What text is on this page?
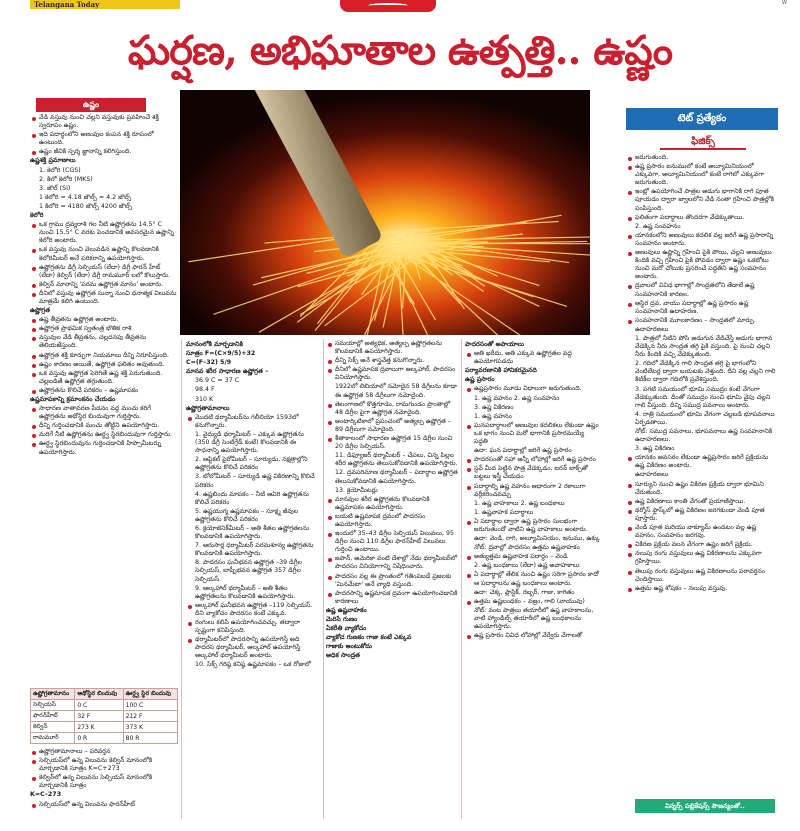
Telangana Today	W
ఘర్షణ, అభిఘాతాల ఉత్పత్తి.. ఉష్ణం
ఉష్ణం

వేడి వస్తువు నుంచి చల్లని వస్తువుకు ప్రవహించే శక్తి స్వరూపం ఉష్ణం.

ఇది పదార్థంలోని అణువుల కంపన శక్తి రూపంలో ఉంటుంది.

ఉష్ణం జీవికి స్పర్శ జ్ఞానాన్ని కలిగిస్తుంది.

ఉష్ణశక్తి ప్రమాణాలు

1. కెలోరి (CGS)

2. కిలో కెలోరి (MKS)

3. జౌల్ (SI)

1 కెలోరి = 4.18 జౌల్స్ ≈ 4.2 జౌల్స్

1 కిలోరి = 4180 జౌల్స్ 4200 జౌల్స్

కెలోరి

ఒక గ్రాము ద్రవ్యరాశి గల నీటి ఉష్ణోగ్రతను 14.5° C నుంచి 15.5° C వరకు పెంచడానికి అవసరమైన ఉష్ణాన్ని కెలోరి అంటారు.

ఒక వస్తువు నుంచి వెలువడిన ఉష్ణాన్ని కొలవడానికి కెలోరిమీటర్ అనే పరికరాన్ని ఉపయోగిస్తారు.

ఉష్ణోగ్రతను డిగ్రీ సెల్సియస్ (లేదా) డిగ్రీ ఫారన్ హీట్ (లేదా) కెల్విన్ (లేదా) డిగ్రీ రామమూర్ లలో కొలుస్తారు.

కెల్విన్ మానాన్ని 'పరమ ఉష్ణోగ్రత మానం' అంటారు.

దీనిలో వస్తువు ఉష్ణోగ్రత సున్నా నుంచి ధనాత్మక విలువను మాత్రమే కలిగి ఉంటుంది.

ఉష్ణోగ్రత

ఉష్ణ తీవ్రతను ఉష్ణోగ్రత అంటారు.

ఉష్ణోగ్రత ప్రాథమిక స్వతంత్ర భౌతిక రాశి

వస్తువుల వేడి తీవ్రతను, చల్లదనపు తీవ్రతను తెలియజేస్తుంది.

ఉష్ణోగ్రత శక్తి కూర్పుగా నియమాలు దీన్ని నిరూపిస్తుంది.

ఉష్ణం కారణం అయితే, ఉష్ణోగ్రత ఫలితం అవుతుంది.

ఒక వస్తువు ఉష్ణోగ్రత పెరిగితే ఉష్ణ శక్తి పెరుగుతుంది. చల్లబడితే ఉష్ణోగ్రత తగ్గుతుంది.

ఉష్ణోగ్రతను కొలిచే పరికరం – ఉష్ణమాపకం

ఉష్ణమాపకాన్ని క్రమాంకనం చేయడం

సాధారణ వాతావరణ పీడనం వద్ద మంచు కరిగే ఉష్ణోగ్రతను అథోస్థిర బిందువుగా గుర్తిస్తారు.

దీన్ని గుర్తించడానికి మంచు తోట్టిని ఉపయోగిస్తారు.

మరిగే నీటి ఉష్ణోగ్రతను ఊర్ధ్వ స్థిరబిందువుగా గుర్తిస్తారు.

ఊర్ధ్వ స్థిరబిందువును గుర్తించడానికి హిప్సామీటర్ను ఉపయోగిస్తారు.

ఉష్ణోగ్రతామానం	అథోస్థిర బిందువు	ఊర్ధ్వ స్థిర బిందువు
సెల్సియస్	0 C	100 C
ఫారన్‌హీట్	32 F	212 F
కెల్విన్	273 K	373 K
రామమూర్	0 R	80 R

ఉష్ణోగ్రతామానాలు – పరివర్తన

సెల్సియస్‌లో ఉన్న విలువను కెల్విన్ మానంలోకి మార్చడానికి సూత్రం K=C+273

కెల్విన్‌లో ఉన్న విలువను సెల్సియస్ మానంలోకి మార్చడానికి సూత్రం

K=C–273

సెల్సియస్‌లో ఉన్న విలువను ఫారన్‌హీట్

మానంలోకి మార్చడానికి

సూత్రం F=(C×9/5)+32

C=(F–32) 5/9

మానవ శరీర సాధారణ ఉష్ణోగ్రత –

36.9 C = 37 C

98.4 F

310 K

ఉష్ణోగ్రతామానాలు

మొదటి థర్మామీటర్‌ను గెలీలియో 1593లో కనుగొన్నారు.

1. వైద్యుడి థర్మామీటర్ – ఎక్కువ ఉష్ణోగ్రతను (350 డిగ్రీ సెంటిగ్రేడ్ కంటే) కొలవడానికి ఈ సాధనాన్ని ఉపయోగిస్తారు.

2. ఆప్టికల్ పైరోమీటర్ – సూర్యుడు, నక్షత్రాల్లోని ఉష్ణోగ్రతను కొలిచే పరికరం

3. బోలోమీటర్ – సూర్యుడి ఉష్ణ వికిరణాన్ని కొలిచే పరికరం

4. ఉష్ణబిందు మాపకం – నీటి ఆవిరి ఉష్ణోగ్రతను కొలిచే పరికరం

5. ఉష్ణయుగ్మ ఉష్ణమాపకం – సూక్ష్మ జీవుల ఉష్ణోగ్రతను కొలిచే పరికరం

6. క్రయోజెనిక్‌మీటర్ – అతి శీతల ఉష్ణోగ్రతలను కొలవడానికి ఉపయోగిస్తారు.

7. ఆరుసార్ల ధర్మామీటర్ పరమశూన్య ఉష్ణోగ్రతను కొలవడానికి ఉపయోగిస్తారు.

8. పాదరసం ఘనీభవన ఉష్ణోగ్రత –39 డిగ్రీల సెల్సియస్, బాష్పీభవన ఉష్ణోగ్రత 357 డిగ్రీల సెల్సియస్.

9. ఆల్కహాల్ థర్మామీటర్ – అతి శీతల ఉష్ణోగ్రతలను కొలవడానికి ఉపయోగిస్తారు.

ఆల్కహాల్ ఘనీభవన ఉష్ణోగ్రత –119 సెల్సియస్. దీని వ్యాకోచం పాదరసం కంటే ఎక్కువ.

రంగులు కలిపి ఉపయోగించవచ్చు. తద్వారా స్పష్టంగా కనిపిస్తుంది.

థర్మామీటర్‌లో పాదరసాన్ని ఉపయోగిస్తే అది పాదరస థర్మామీటర్, ఆల్కహాల్ ఉపయోగిస్తే ఆల్కహాల్ థర్మామీటర్ అంటారు.

10. సిక్స్ గరిష్ఠ కనిష్ఠ ఉష్ణమాపకం – ఒక రోజులో

సమయాల్లో అత్యధిక, అత్యల్ప ఉష్ణోగ్రతలను కొలవడానికి ఉపయోగిస్తారు.

దీన్ని సిక్స్ అనే శాస్త్రవేత్త కనుగొన్నారు.

దీనిలో ఉష్ణమాపక ద్రవాలుగా ఆల్కహాల్, పాదరసం వినియోగిస్తారు.

1922లో లిబియాలో నమోదైన 58 డిగ్రీలను కూడా ఈ ఉష్ణోగ్రత 58 డిగ్రీలుగా నమోదైంది.

తెలంగాణలో కొత్తగూడెం, రామగుండం ప్రాంతాల్లో 48 డిగ్రీల పైగా ఉష్ణోగ్రత నమోదైంది.

అంటార్కిటికాలో ప్రపంచంలో అత్యల్ప ఉష్ణోగ్రత –89 డిగ్రీలుగా నమోదైంది.

శీతాకాలంలో సాధారణ ఉష్ణోగ్రత 15 డిగ్రీల నుంచి 20 డిగ్రీల సెల్సియస్.

11. డిఫ్యూజర్ థర్మామీటర్ – చేపలు, చిన్న పిల్లల శరీర ఉష్ణోగ్రతను తెలుసుకోవడానికి ఉపయోగిస్తారు.

12. ద్రవపరిమాణ థర్మామీటర్ – పదార్థాల ఉష్ణోగ్రత తెలుసుకోవడానికి ఉపయోగిస్తారు.

13. క్రయోమీటర్లు

మానవుల శరీర ఉష్ణోగ్రతను కొలవడానికి ఉష్ణమాపకం ఉపయోగిస్తారు.

బయటి ఉష్ణమాపక ద్రవంలో పాదరసం ఉపయోగిస్తారు.

ఇందులో 35–43 డిగ్రీల సెల్సియస్ విలువలు, 95 డిగ్రీల నుంచి 110 డిగ్రీల ఫారన్‌హీట్ విలువలు గుర్తించి ఉంటాయి.

జపాన్, అమెరికా వంటి దేశాల్లో నేడు థర్మామీటర్‌లో పాదరసం వినియోగాన్ని నిషేధించారు.

పాదరసం వల్ల ఈ ప్రాంతంలో గతింపబడే ప్రజలకు 'మినమేటా' అనే వ్యాధి వస్తుంది.

పాదరసాన్ని ఉష్ణమాపక ద్రవంగా ఉపయోగించడానికి కారణాలు

ఉష్ణ ఉష్ణవాహకం

మెరిసే గుణం

ఏకరీతి వ్యాకోచం

వ్యాకోచ గుణకం గాజు కంటే ఎక్కువ

గాజుకు అంటుకోదు

అధిక సాంద్రత

పాదరసంతో అపాయాలు

అతి ఖరీదు, అతి ఎక్కువ ఉష్ణోగ్రతల వద్ద ఉపయోగపడదు

పర్యావరణానికి హానికరమైనది

ఉష్ణ ప్రసారం

ఉష్ణప్రసారం మూడు విధాలుగా జరుగుతుంది.

1. ఉష్ణ వహనం 2. ఉష్ణ సంవహనం

3. ఉష్ణ వికిరణం

1. ఉష్ణ వహనం

ఘనపదార్థాలలో అణువుల కదలికలు లేకుండా ఉష్ణం ఒక భాగం నుంచి మరో భాగానికి ప్రసారమయ్యే పద్ధతి

ఉదా: ఘన పదార్థాల్లో జరిగే ఉష్ణ ప్రసారం

పాదరసంతో సహా అన్నీ లోహాల్లో జరిగే ఉష్ణ ప్రసారం

స్టవ్ మీద పెట్టిన పాత్ర వేడెక్కడం, ఐరన్ బాక్స్‌తో బట్టలు ఇస్త్రీ చేయడం

పదార్థాల్ని ఉష్ణ వహనం ఆధారంగా 2 రకాలుగా వర్గీకరించవచ్చు

1. ఉష్ణ వాహకాలు 2. ఉష్ణ బంధకాలు

1. ఉష్ణవాహక పదార్థాలు

ఏ పదార్థాల ద్వారా ఉష్ణ ప్రసారం సులభంగా జరుగుతుందో వాటిని ఉష్ణ వాహకాలు అంటారు.

ఉదా: వెండి, రాగి, అల్యూమినియం, ఇనుము, ఉక్కు

నోట్: ద్రవాల్లో పాదరసం ఉత్తమ ఉష్ణవాహకం

అత్యుత్తమ ఉష్ణవాహక పదార్థం – వెండి

2. ఉష్ణ బంధకాలు (లేదా) ఉష్ణ అవాహకాలు

ఏ పదార్థాల్లో తేలిక నుంచి ఉష్ణం సరిగా ప్రసారం కాదో ఆ పదార్థాలను ఉష్ణ బంధకాలు అంటారు.

ఉదా: చెక్క, ప్లాస్టిక్, రబ్బర్, గాజు, కాగితం

ఉత్తమ ఉష్ణబంధకం – వజ్రం, గాలి (వాయువు)

నోట్: వంట పాత్రలు తయారీలో ఉష్ణ వాహకాలను, వాటి హ్యాండిల్స్ తయారీలో ఉష్ణ బంధకాలను ఉపయోగిస్తారు.

ఉష్ణ ప్రసారం వివిధ లోహాల్లో వేర్వేరు వేగాలతో

టెట్ ప్రత్యేకం
ఫిజిక్స్

జరుగుతుంది.

ఉష్ణ ప్రసారం ఐనుములో కంటే అల్యూమినియంలో ఎక్కువగా, అల్యూమినియంలో కంటే రాగిలో ఎక్కువగా జరుగుతుంది.

ఇంట్లో ఉపయోగించే పాత్రల అడుగు భాగానికి రాగి పూత పూయడం ద్వారా జ్వాలలోని వేడి నంతా గ్రహించి పాత్రల్లోకి పంపిస్తుంది.

ఫలితంగా పదార్థాలు తొందరగా వేడెక్కుతాయి.

2. ఉష్ణ సంవహనం

యానకంలోని అణువులు కదలిక వల్ల జరిగే ఉష్ణ ప్రసారాన్ని సంవహనం అంటారు.

అణువులు ఉష్ణాన్ని గ్రహించి పైకి పోయి, చల్లని అణువులు కిందికి వచ్చి గ్రహించి పైకి పోవడం ద్వారా ఉష్ణం ఒకటోటు నుంచి మరో చోటుకు ప్రసరించే పద్ధతిని ఉష్ణ సంవహనం అంటారు.

ద్రవాలలో వివిధ భాగాల్లో సాంద్రతలోని తేడాలే ఉష్ణ సంవహనానికి కారణం.

ఆస్థిర ద్రవ, వాయు పదార్థాల్లో ఉష్ణ ప్రసారం ఉష్ణ సంవహనానికి ఉదాహరణ.

సంవహనానికి మూలకారణం – సాంద్రతలో మార్పు.

ఉదాహరణలు

1. పాత్రలో నీటిని పోసి అడుగున వేడిచేస్తే అడుగు భాగాన వేడెక్కిన నీరు సాంద్రత తగ్గి పైకి వస్తుంది. పై నుంచి చల్లని నీరు కిందికి వచ్చి వేడెక్కుతుంది.

2. గదిలో వేడెక్కిన గాలి సాంద్రత తగ్గి పై భాగంలోని వెంటిలేటర్ల ద్వారా బయటకు వెళ్తుంది. దీని వల్ల చల్లని గాలి కిటికీల ద్వారా గదిలోకి ప్రవేశిస్తుంది.

3. పగటి సమయంలో భూమి సముద్రం కంటే వేగంగా వేడెక్కుతుంది. దీంతో సముద్రం నుంచి భూమి వైపు చల్లని గాలి వీస్తుంది. దీన్ని సముద్ర పవనాలు అంటారు.

4. రాత్రి సమయంలో భూమి వేగంగా చల్లబడి భూపవనాలు ఏర్పడతాయి.

నోట్: సముద్ర పవనాలు, భూపవనాలు ఉష్ణ సంవహనానికి ఉదాహరణలు.

3. ఉష్ణ వికిరణం

యానకం అవసరం లేకుండా ఉష్ణప్రసారం జరిగే ప్రక్రియను ఉష్ణ వికిరణం అంటారు.

ఉదాహరణలు

సూర్యుని నుంచి ఉష్ణం వికిరణ ప్రక్రియ ద్వారా భూమిని చేరుతుంది.

ఉష్ణ వికిరణాలు కాంతి వేగంతో ప్రయాణిస్తాయి.

థర్మోస్ ఫ్లాస్క్‌లో ఉష్ణ వికిరణం జరగకుండా వెండి పూత పూస్తారు.

వెండి పూత మరియు వాక్యూమ్ ఉండటం వల్ల ఉష్ణ వహనం, సంవహనం జరగవు.

వికిరణ ప్రక్రియ వలన వేగంగా ఉష్ణం జరిగే ప్రక్రియ.

నలుపు రంగు వస్తువులు ఉష్ణ వికిరణాలను ఎక్కువగా గ్రహిస్తాయి.

తెలుపు రంగు వస్తువులు ఉష్ణ వికిరణాలను పరావర్తనం చెందిస్తాయి.

ఉత్తమ ఉష్ణ శోషకం – నలుపు వస్తువు.

విన్నర్స్ పబ్లికేషన్స్ సౌజన్యంతో..
